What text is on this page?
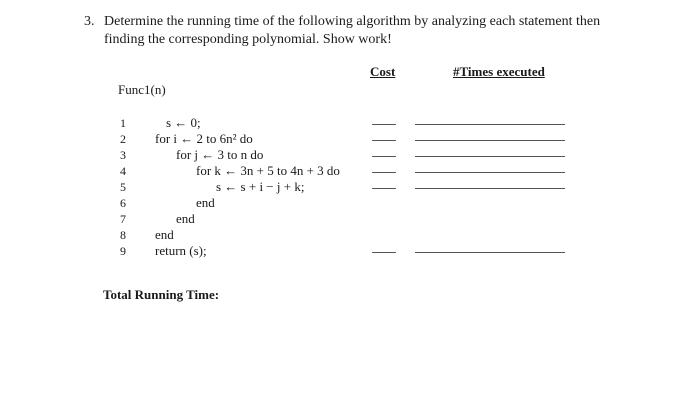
3. Determine the running time of the following algorithm by analyzing each statement then
finding the corresponding polynomial. Show work!
Cost	#Times executed
Func1(n)
1
2
3
4
5
6
7
8
9
s ← 0;
for i ← 2 to 6n² do
for j ← 3 to n do
for k ← 3n + 5 to 4n + 3 do
s ← s + i − j + k;
end
end
end
return (s);
Total Running Time:
